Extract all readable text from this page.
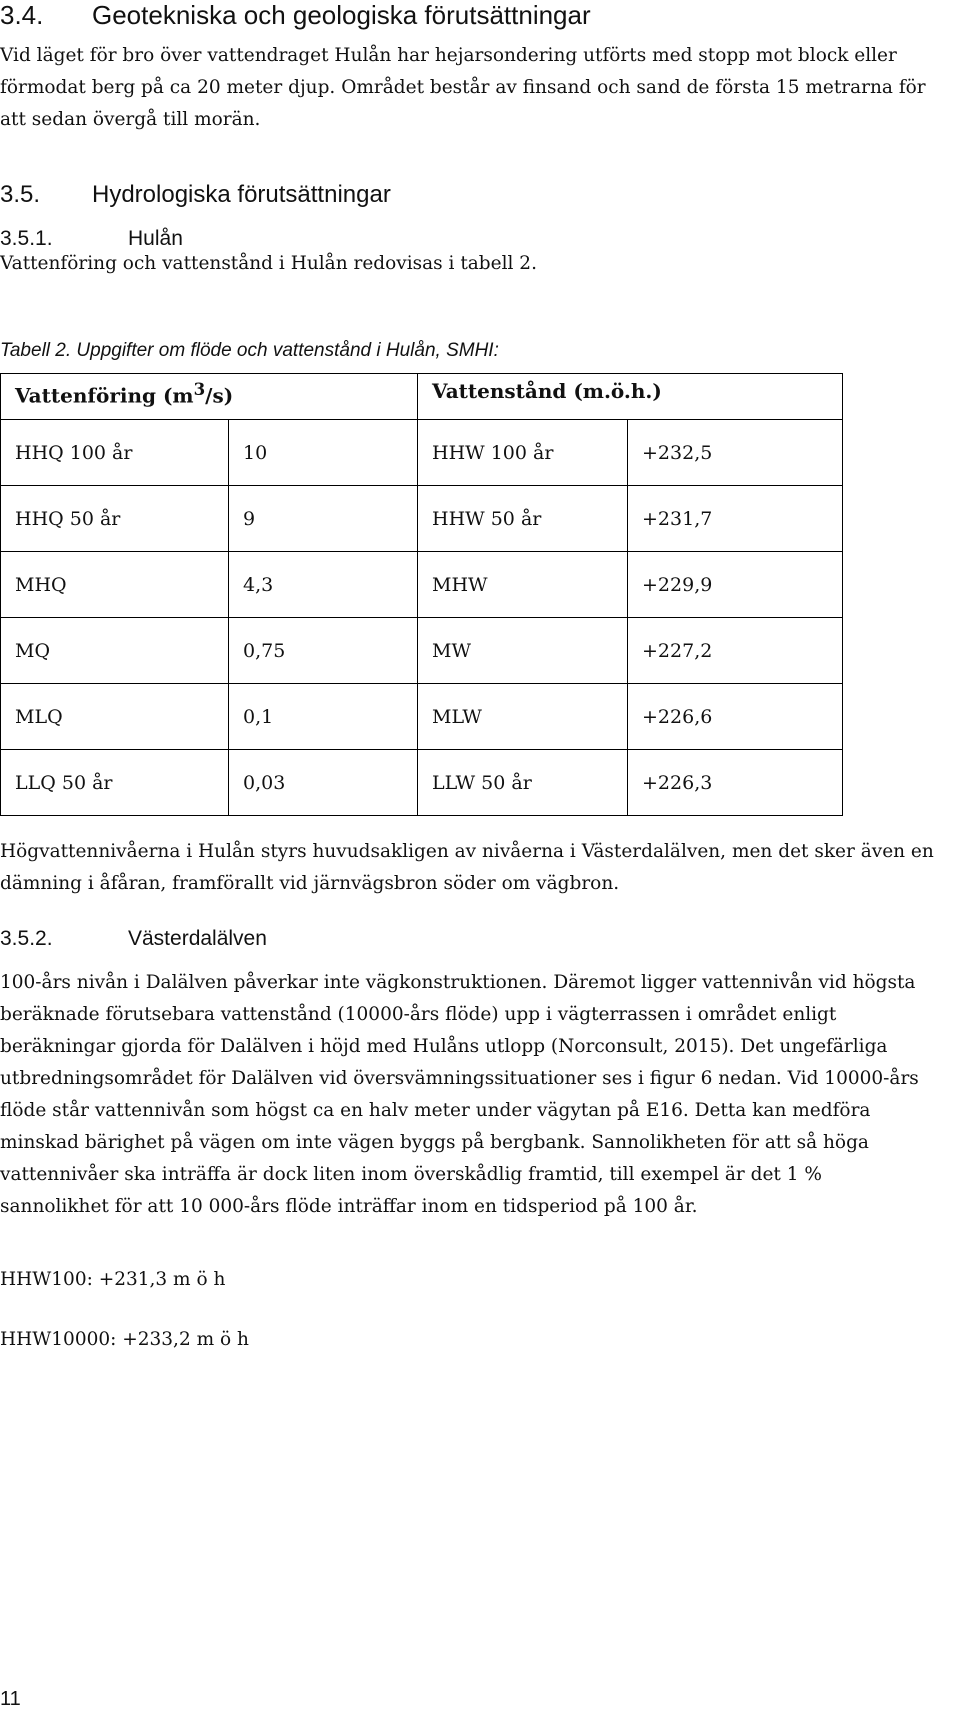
3.4. Geotekniska och geologiska förutsättningar
Vid läget för bro över vattendraget Hulån har hejarsondering utförts med stopp mot block eller förmodat berg på ca 20 meter djup. Området består av finsand och sand de första 15 metrarna för att sedan övergå till morän.
3.5. Hydrologiska förutsättningar
3.5.1.	Hulån
Vattenföring och vattenstånd i Hulån redovisas i tabell 2.
Tabell 2. Uppgifter om flöde och vattenstånd i Hulån, SMHI:
Vattenföring $(m^3/s)$		Vattenstånd (m.ö.h.)	
HHQ 100 år	10	HHW 100 år	+232,5
HHQ 50 år	9	HHW 50 år	+231,7
MHQ	4,3	MHW	+229,9
MQ	0,75	MW	+227,2
MLQ	0,1	MLW	+226,6
LLQ 50 år	0,03	LLW 50 år	+226,3
Högvattennivåerna i Hulån styrs huvudsakligen av nivåerna i Västerdalälven, men det sker även en dämning i åfåran, framförallt vid järnvägsbron söder om vägbron.
3.5.2.	Västerdalälven
100-års nivån i Dalälven påverkar inte vägkonstruktionen. Däremot ligger vattennivån vid högsta beräknade förutsebara vattenstånd (10000-års flöde) upp i vägterrassen i området enligt beräkningar gjorda för Dalälven i höjd med Hulåns utlopp (Norconsult, 2015). Det ungefärliga utbredningsområdet för Dalälven vid översvämningssituationer ses i figur 6 nedan. Vid 10000-års flöde står vattennivån som högst ca en halv meter under vägytan på E16. Detta kan medföra minskad bärighet på vägen om inte vägen byggs på bergbank. Sannolikheten för att så höga vattennivåer ska inträffa är dock liten inom överskådlig framtid, till exempel är det 1 % sannolikhet för att 10 000-års flöde inträffar inom en tidsperiod på 100 år.
HHW100: +231,3 m ö h
HHW10000: +233,2 m ö h
11
